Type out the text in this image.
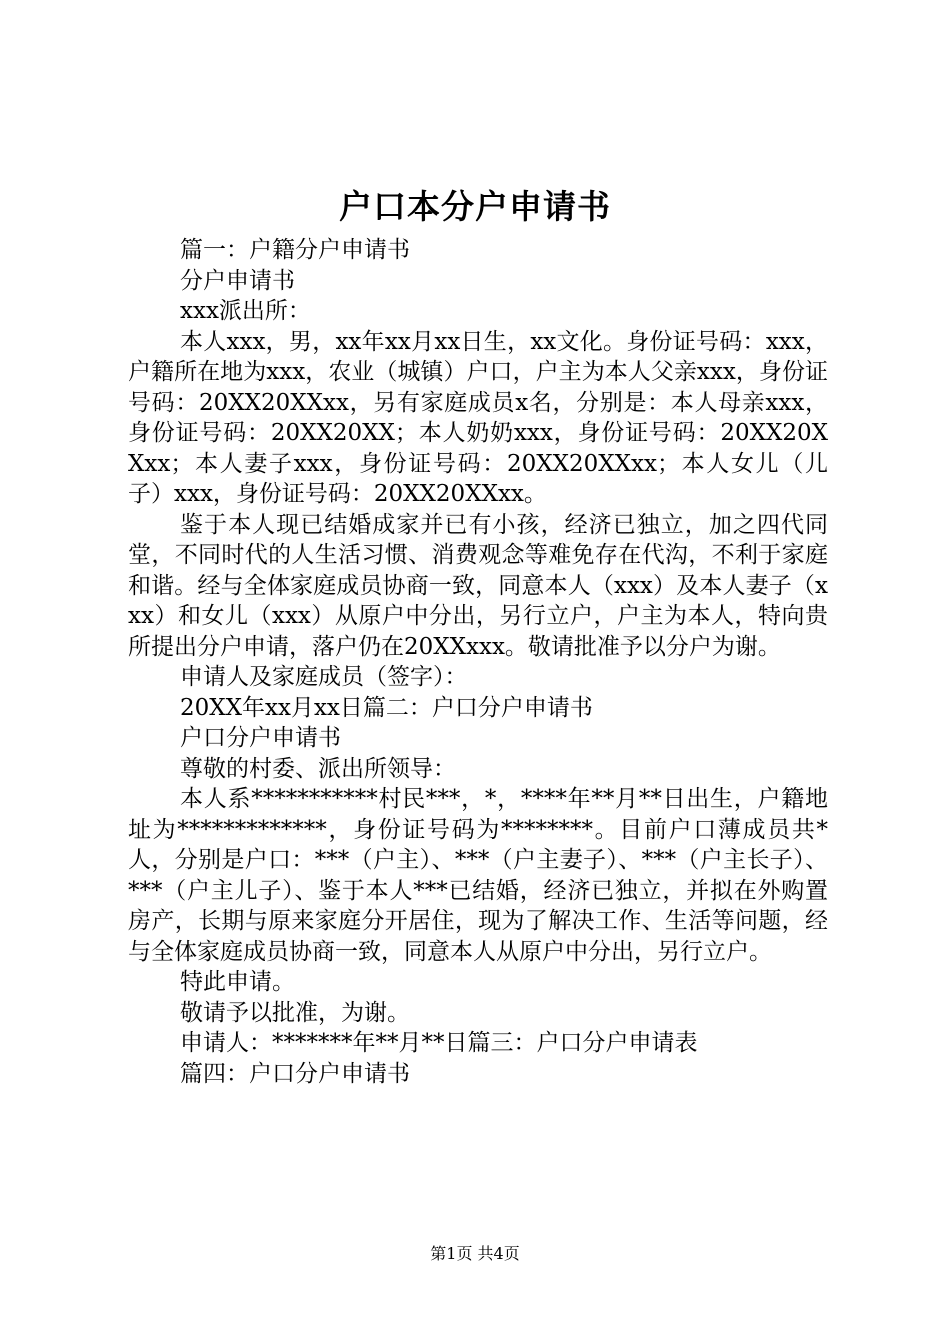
户口本分户申请书

篇一：户籍分户申请书

分户申请书

xxx派出所：

本人xxx，男，xx年xx月xx日生，xx文化。身份证号码：xxx，户籍所在地为xxx，农业（城镇）户口，户主为本人父亲xxx，身份证号码：20XX20XXxx，另有家庭成员x名，分别是：本人母亲xxx，身份证号码：20XX20XX；本人奶奶xxx，身份证号码：20XX20XXxx；本人妻子xxx，身份证号码：20XX20XXxx；本人女儿（儿子）xxx，身份证号码：20XX20XXxx。

鉴于本人现已结婚成家并已有小孩，经济已独立，加之四代同堂，不同时代的人生活习惯、消费观念等难免存在代沟，不利于家庭和谐。经与全体家庭成员协商一致，同意本人（xxx）及本人妻子（xxx）和女儿（xxx）从原户中分出，另行立户，户主为本人，特向贵所提出分户申请，落户仍在20XXxxx。敬请批准予以分户为谢。

申请人及家庭成员（签字）：

20XX年xx月xx日篇二：户口分户申请书

户口分户申请书

尊敬的村委、派出所领导：

本人系***********村民***，*，****年**月**日出生，户籍地址为*************，身份证号码为********。目前户口薄成员共*人，分别是户口：***（户主）、***（户主妻子）、***（户主长子）、***（户主儿子）、鉴于本人***已结婚，经济已独立，并拟在外购置房产，长期与原来家庭分开居住，现为了解决工作、生活等问题，经与全体家庭成员协商一致，同意本人从原户中分出，另行立户。

特此申请。

敬请予以批准，为谢。

申请人：*******年**月**日篇三：户口分户申请表

篇四：户口分户申请书

第1页 共4页
